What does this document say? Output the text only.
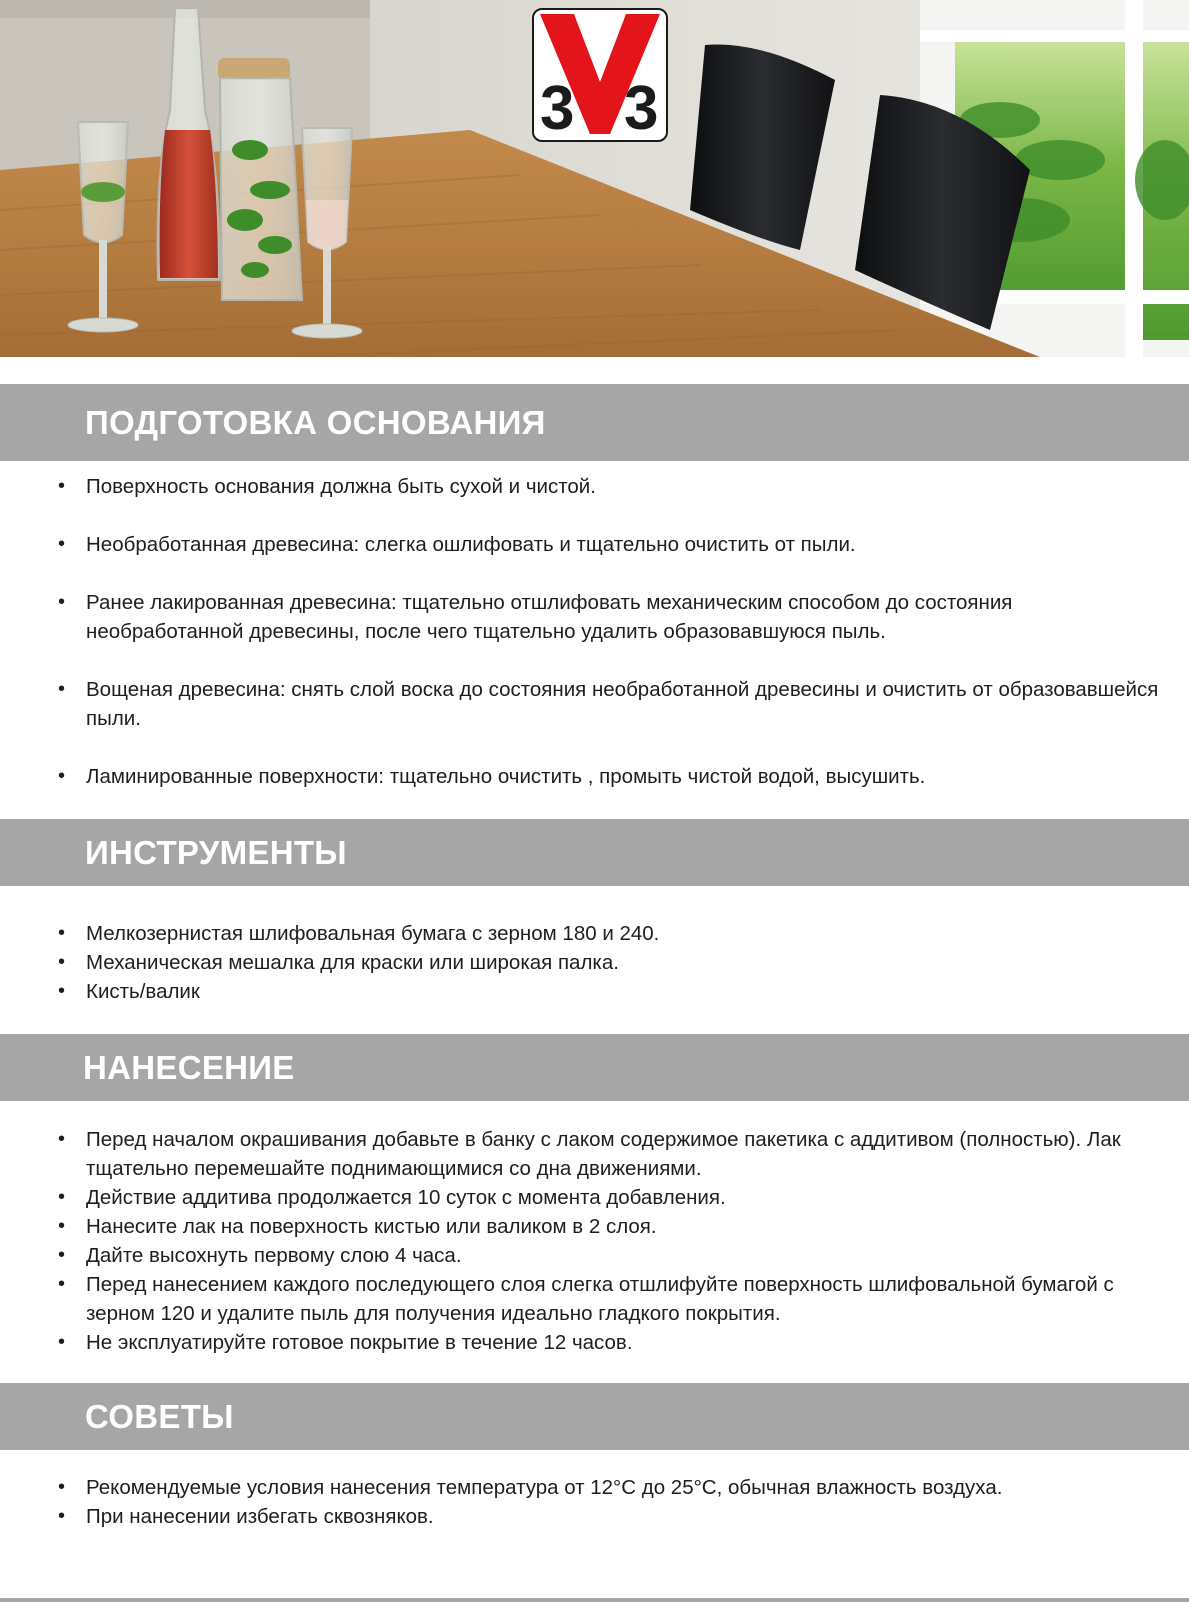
3 3
ПОДГОТОВКА ОСНОВАНИЯ
• Поверхность основания должна быть сухой и чистой.
• Необработанная древесина: слегка ошлифовать и тщательно очистить от пыли.
• Ранее лакированная древесина: тщательно отшлифовать механическим способом до состояния необработанной древесины, после чего тщательно удалить образовавшуюся пыль.
• Вощеная древесина: снять слой воска до состояния необработанной древесины и очистить от образовавшейся пыли.
• Ламинированные поверхности: тщательно очистить , промыть чистой водой, высушить.
ИНСТРУМЕНТЫ
• Мелкозернистая шлифовальная бумага с зерном 180 и 240.
• Механическая мешалка для краски или широкая палка.
• Кисть/валик
НАНЕСЕНИЕ
• Перед началом окрашивания добавьте в банку с лаком содержимое пакетика с аддитивом (полностью). Лак тщательно перемешайте поднимающимися со дна движениями.
• Действие аддитива продолжается 10 суток с момента добавления.
• Нанесите лак на поверхность кистью или валиком в 2 слоя.
• Дайте высохнуть первому слою 4 часа.
• Перед нанесением каждого последующего слоя слегка отшлифуйте поверхность шлифовальной бумагой с зерном 120 и удалите пыль для получения идеально гладкого покрытия.
• Не эксплуатируйте готовое покрытие в течение 12 часов.
СОВЕТЫ
• Рекомендуемые условия нанесения температура от 12°С до 25°С, обычная влажность воздуха.
• При нанесении избегать сквозняков.
